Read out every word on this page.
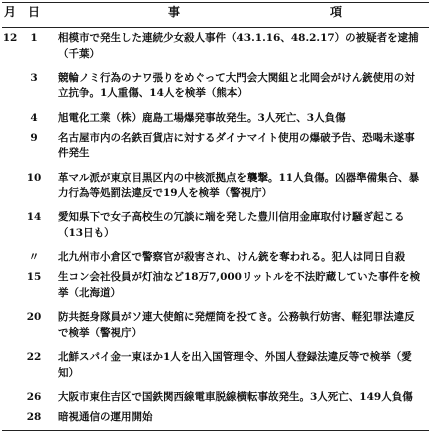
月	日	事 項

12	1	相模市で発生した連続少女殺人事件（43.1.16、48.2.17）の被疑者を逮捕（千葉）
	3	競輪ノミ行為のナワ張りをめぐって大門会大関組と北岡会がけん銃使用の対立抗争。1人重傷、14人を検挙（熊本）
	4	旭電化工業（株）鹿島工場爆発事故発生。3人死亡、3人負傷
	9	名古屋市内の名鉄百貨店に対するダイナマイト使用の爆破予告、恐喝未遂事件発生
	10	革マル派が東京目黒区内の中核派拠点を襲撃。11人負傷。凶器準備集合、暴力行為等処罰法違反で19人を検挙（警視庁）
	14	愛知県下で女子高校生の冗談に端を発した豊川信用金庫取付け騒ぎ起こる（13日も）
	〃	北九州市小倉区で警察官が殺害され、けん銃を奪われる。犯人は同日自殺
	15	生コン会社役員が灯油など18万7,000リットルを不法貯蔵していた事件を検挙（北海道）
	20	防共挺身隊員がソ連大使館に発煙筒を投てき。公務執行妨害、軽犯罪法違反で検挙（警視庁）
	22	北鮮スパイ金一東ほか1人を出入国管理令、外国人登録法違反等で検挙（愛知）
	26	大阪市東住吉区で国鉄関西線電車脱線横転事故発生。3人死亡、149人負傷
	28	暗視通信の運用開始
